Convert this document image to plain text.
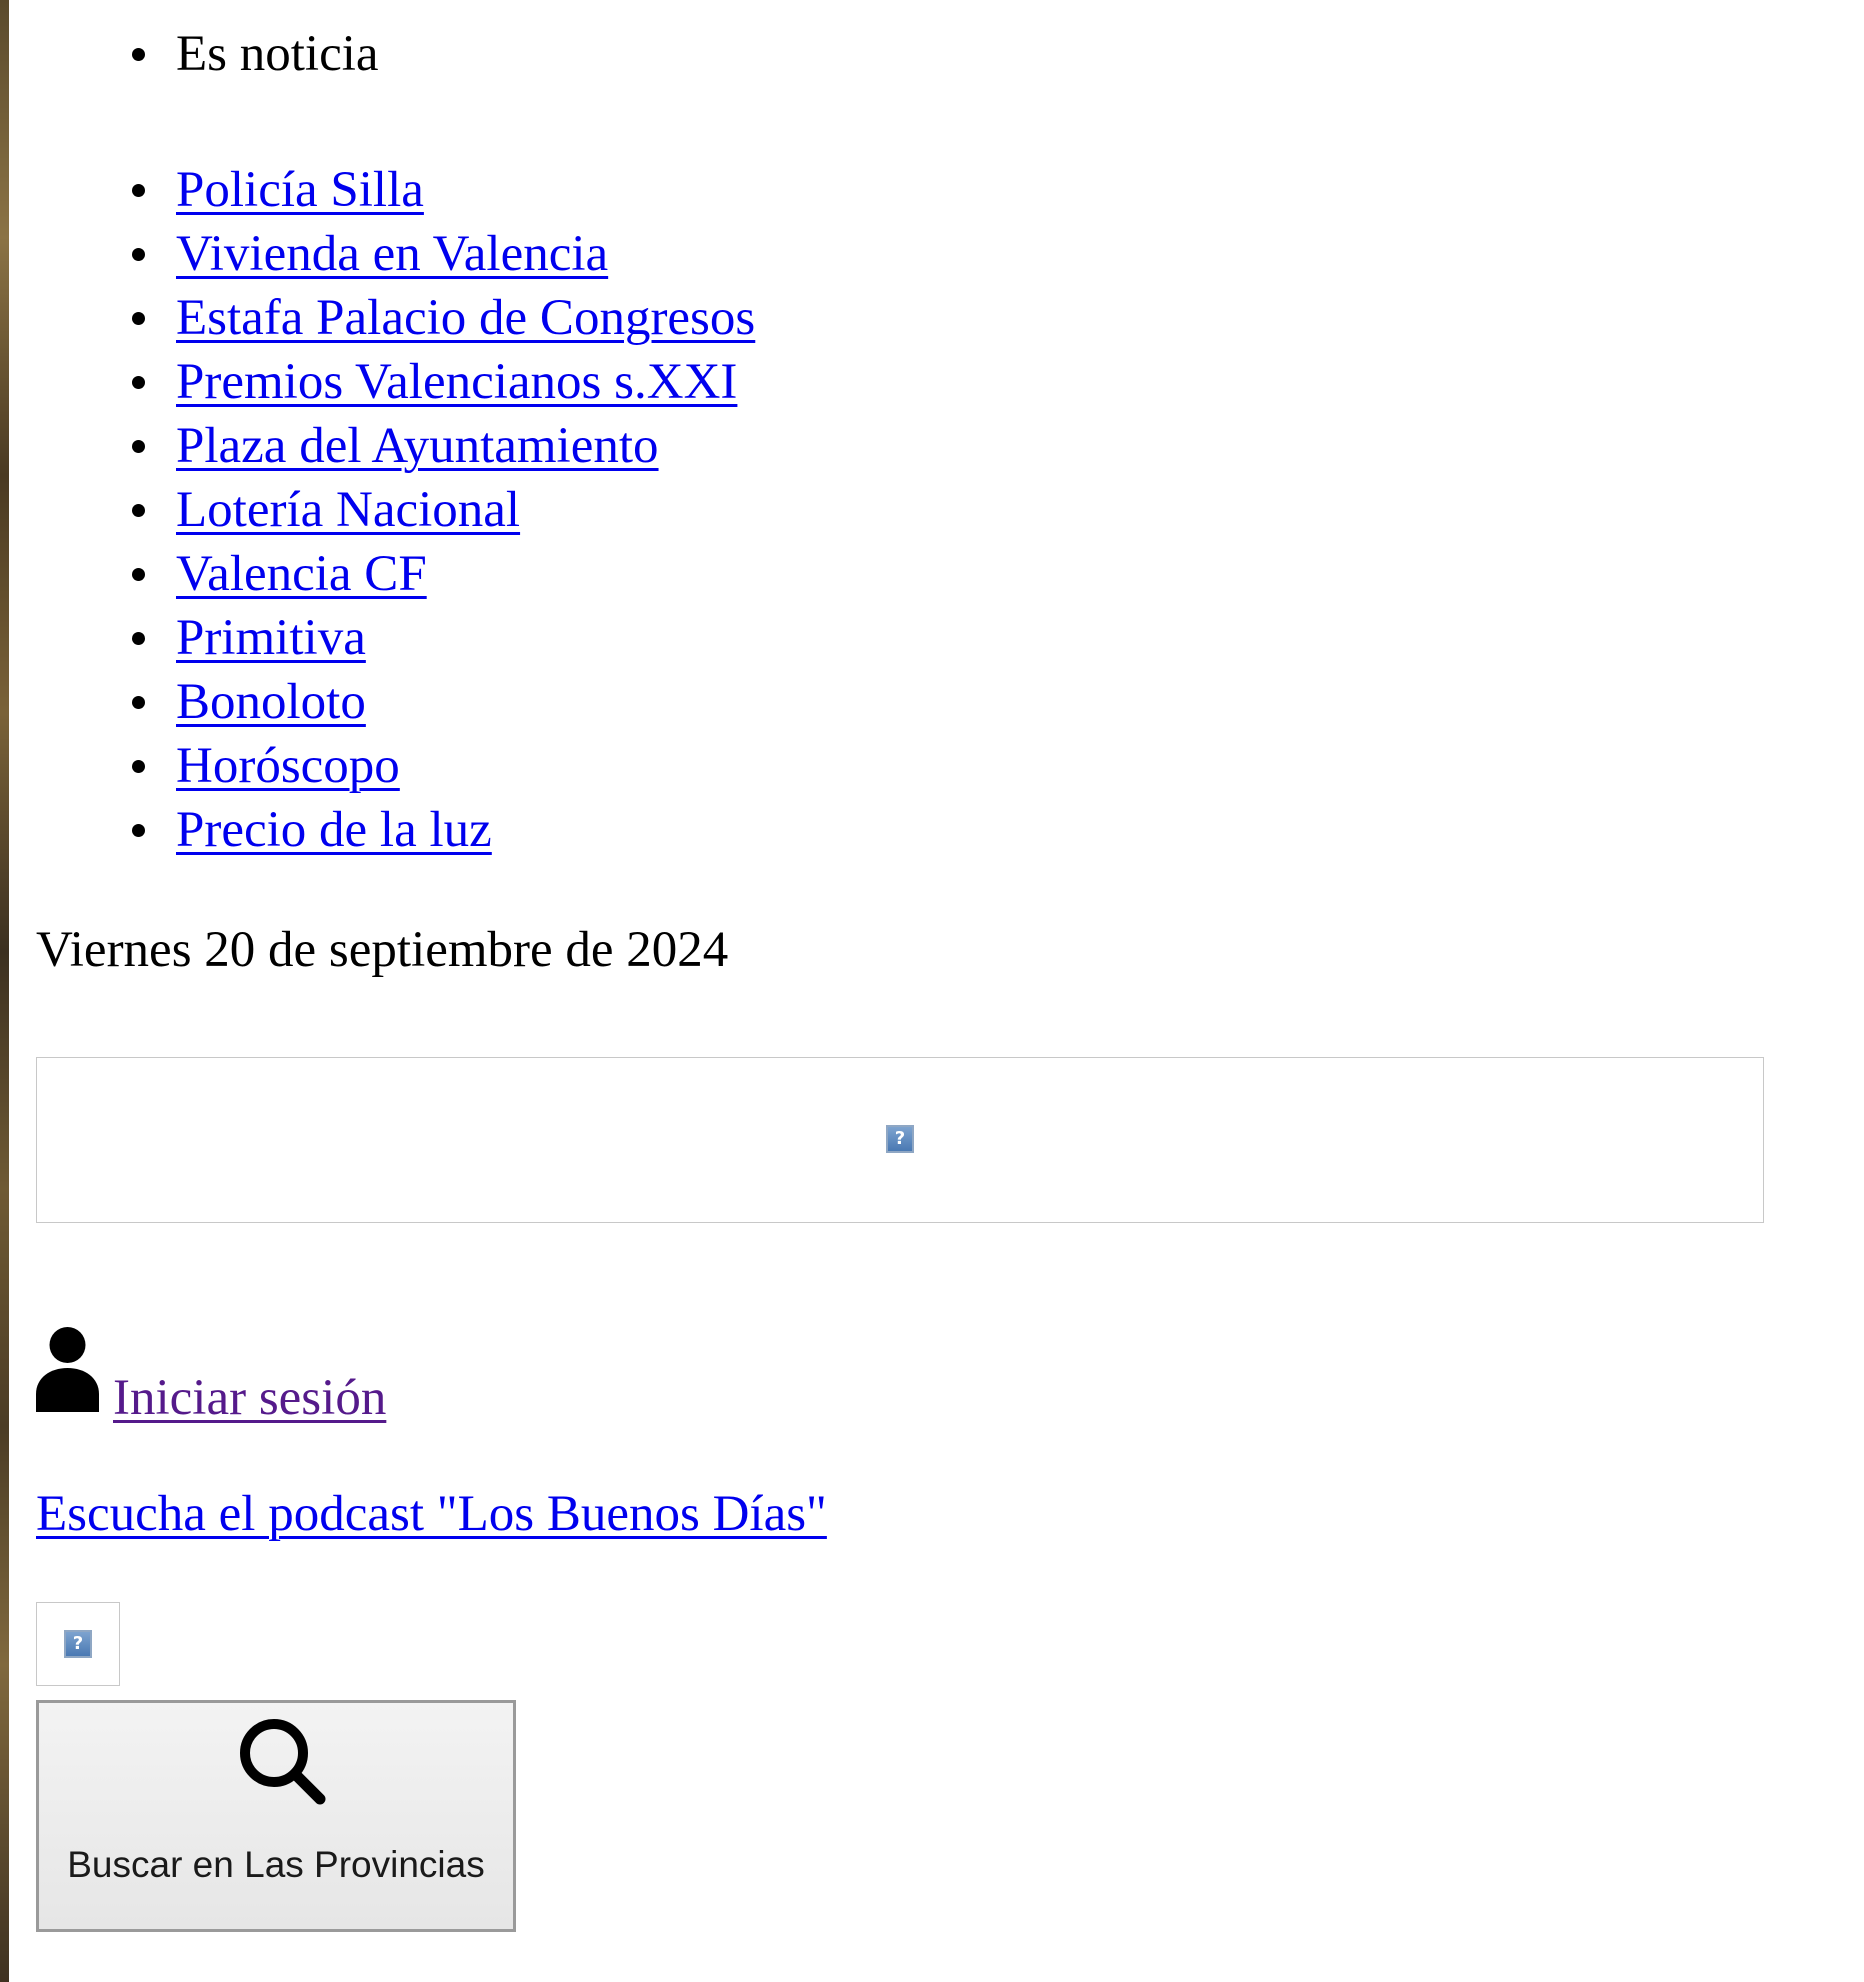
Es noticia
Policía Silla
Vivienda en Valencia
Estafa Palacio de Congresos
Premios Valencianos s.XXI
Plaza del Ayuntamiento
Lotería Nacional
Valencia CF
Primitiva
Bonoloto
Horóscopo
Precio de la luz
Viernes 20 de septiembre de 2024
?
Iniciar sesión
Escucha el podcast "Los Buenos Días"
?
Buscar en Las Provincias
